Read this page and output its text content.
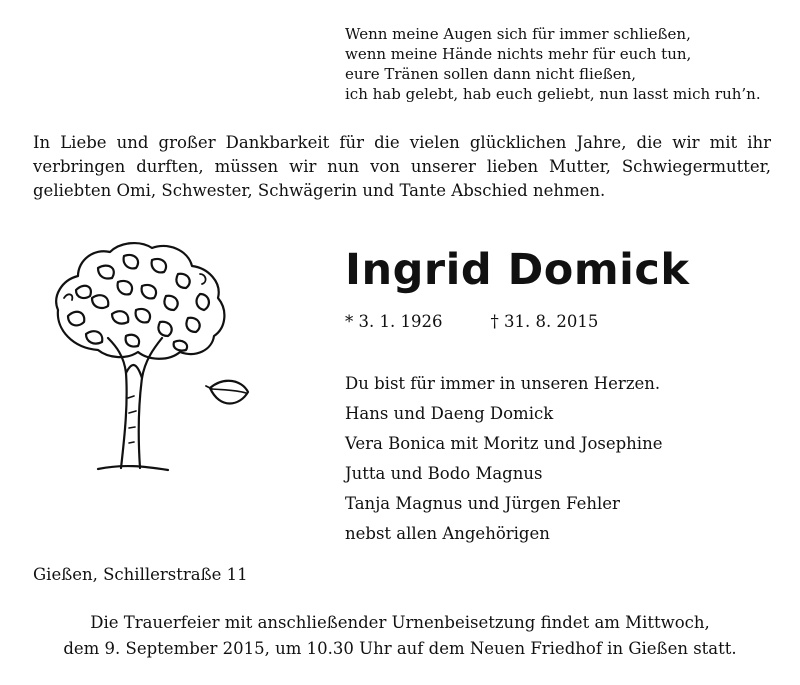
Wenn meine Augen sich für immer schließen,
wenn meine Hände nichts mehr für euch tun,
eure Tränen sollen dann nicht fließen,
ich hab gelebt, hab euch geliebt, nun lasst mich ruh’n.
In Liebe und großer Dankbarkeit für die vielen glücklichen Jahre, die wir mit ihr
verbringen durften, müssen wir nun von unserer lieben Mutter, Schwiegermutter,
geliebten Omi, Schwester, Schwägerin und Tante Abschied nehmen.
Ingrid Domick
* 3. 1. 1926	† 31. 8. 2015
Du bist für immer in unseren Herzen.
Hans und Daeng Domick
Vera Bonica mit Moritz und Josephine
Jutta und Bodo Magnus
Tanja Magnus und Jürgen Fehler
nebst allen Angehörigen
Gießen, Schillerstraße 11
Die Trauerfeier mit anschließender Urnenbeisetzung findet am Mittwoch,
dem 9. September 2015, um 10.30 Uhr auf dem Neuen Friedhof in Gießen statt.
